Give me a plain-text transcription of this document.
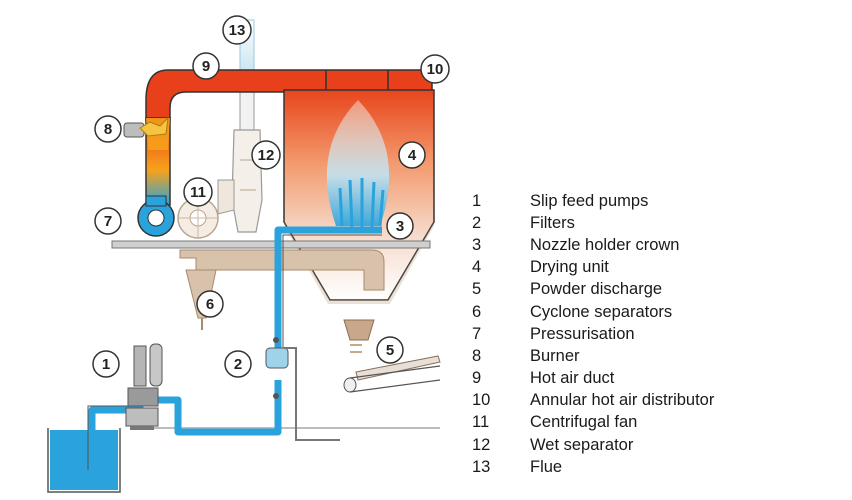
1	2
3
4
5
6
7
8
9	10
11
12
13
1	Slip feed pumps
2	Filters
3	Nozzle holder crown
4	Drying unit
5	Powder discharge
6	Cyclone separators
7	Pressurisation
8	Burner
9	Hot air duct
10	Annular hot air distributor
11	Centrifugal fan
12	Wet separator
13	Flue
